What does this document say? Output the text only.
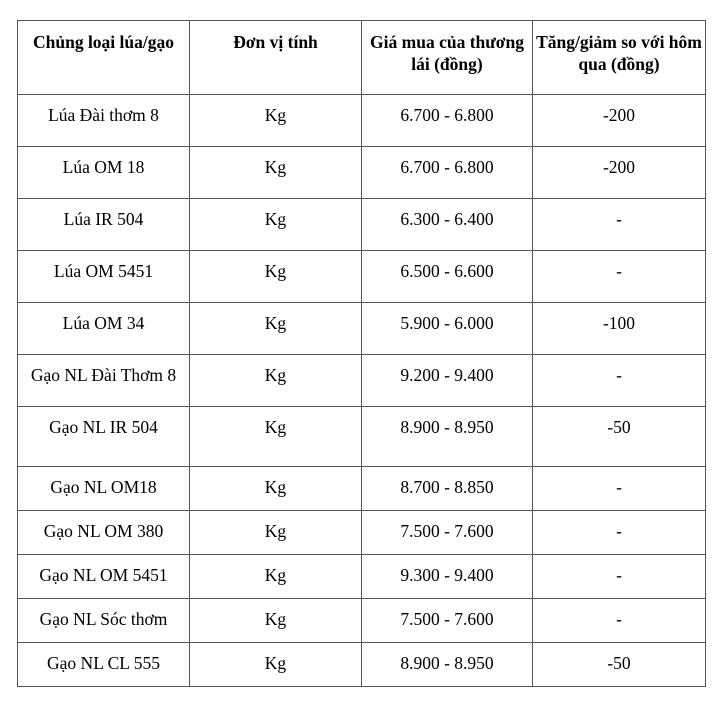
Chủng loại lúa/gạo	Đơn vị tính	Giá mua của thương lái (đồng)	Tăng/giảm so với hôm qua (đồng)
Lúa Đài thơm 8	Kg	6.700 - 6.800	-200
Lúa OM 18	Kg	6.700 - 6.800	-200
Lúa IR 504	Kg	6.300 - 6.400	-
Lúa OM 5451	Kg	6.500 - 6.600	-
Lúa OM 34	Kg	5.900 - 6.000	-100
Gạo NL Đài Thơm 8	Kg	9.200 - 9.400	-
Gạo NL IR 504	Kg	8.900 - 8.950	-50
Gạo NL OM18	Kg	8.700 - 8.850	-
Gạo NL OM 380	Kg	7.500 - 7.600	-
Gạo NL OM 5451	Kg	9.300 - 9.400	-
Gạo NL Sóc thơm	Kg	7.500 - 7.600	-
Gạo NL CL 555	Kg	8.900 - 8.950	-50
